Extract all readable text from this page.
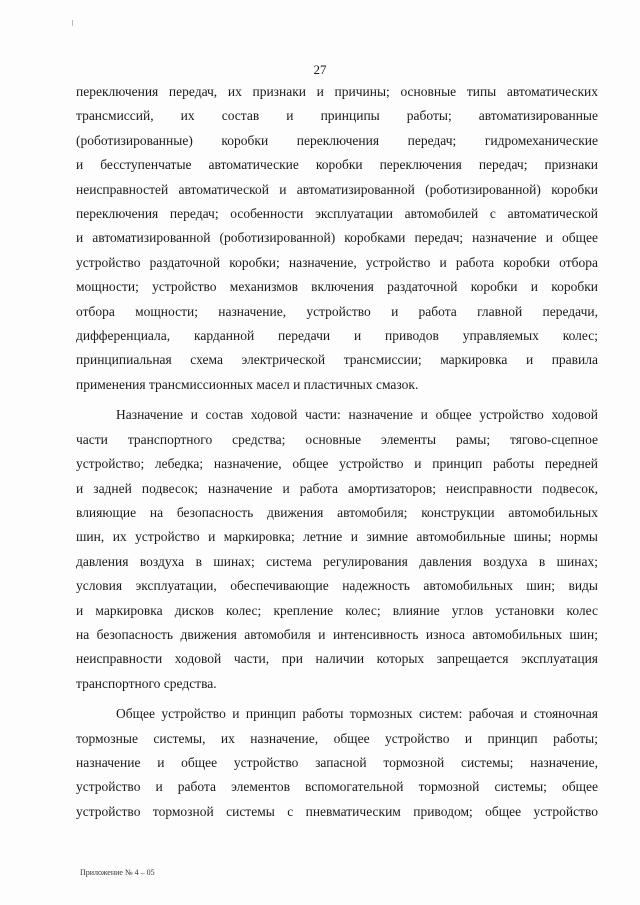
27

переключения передач, их признаки и причины; основные типы автоматических
трансмиссий, их состав и принципы работы; автоматизированные
(роботизированные) коробки переключения передач; гидромеханические
и бесступенчатые автоматические коробки переключения передач; признаки
неисправностей автоматической и автоматизированной (роботизированной) коробки
переключения передач; особенности эксплуатации автомобилей с автоматической
и автоматизированной (роботизированной) коробками передач; назначение и общее
устройство раздаточной коробки; назначение, устройство и работа коробки отбора
мощности; устройство механизмов включения раздаточной коробки и коробки
отбора мощности; назначение, устройство и работа главной передачи,
дифференциала, карданной передачи и приводов управляемых колес;
принципиальная схема электрической трансмиссии; маркировка и правила
применения трансмиссионных масел и пластичных смазок.

Назначение и состав ходовой части: назначение и общее устройство ходовой
части транспортного средства; основные элементы рамы; тягово-сцепное
устройство; лебедка; назначение, общее устройство и принцип работы передней
и задней подвесок; назначение и работа амортизаторов; неисправности подвесок,
влияющие на безопасность движения автомобиля; конструкции автомобильных
шин, их устройство и маркировка; летние и зимние автомобильные шины; нормы
давления воздуха в шинах; система регулирования давления воздуха в шинах;
условия эксплуатации, обеспечивающие надежность автомобильных шин; виды
и маркировка дисков колес; крепление колес; влияние углов установки колес
на безопасность движения автомобиля и интенсивность износа автомобильных шин;
неисправности ходовой части, при наличии которых запрещается эксплуатация
транспортного средства.

Общее устройство и принцип работы тормозных систем: рабочая и стояночная
тормозные системы, их назначение, общее устройство и принцип работы;
назначение и общее устройство запасной тормозной системы; назначение,
устройство и работа элементов вспомогательной тормозной системы; общее
устройство тормозной системы с пневматическим приводом; общее устройство

Приложение № 4 – 05
